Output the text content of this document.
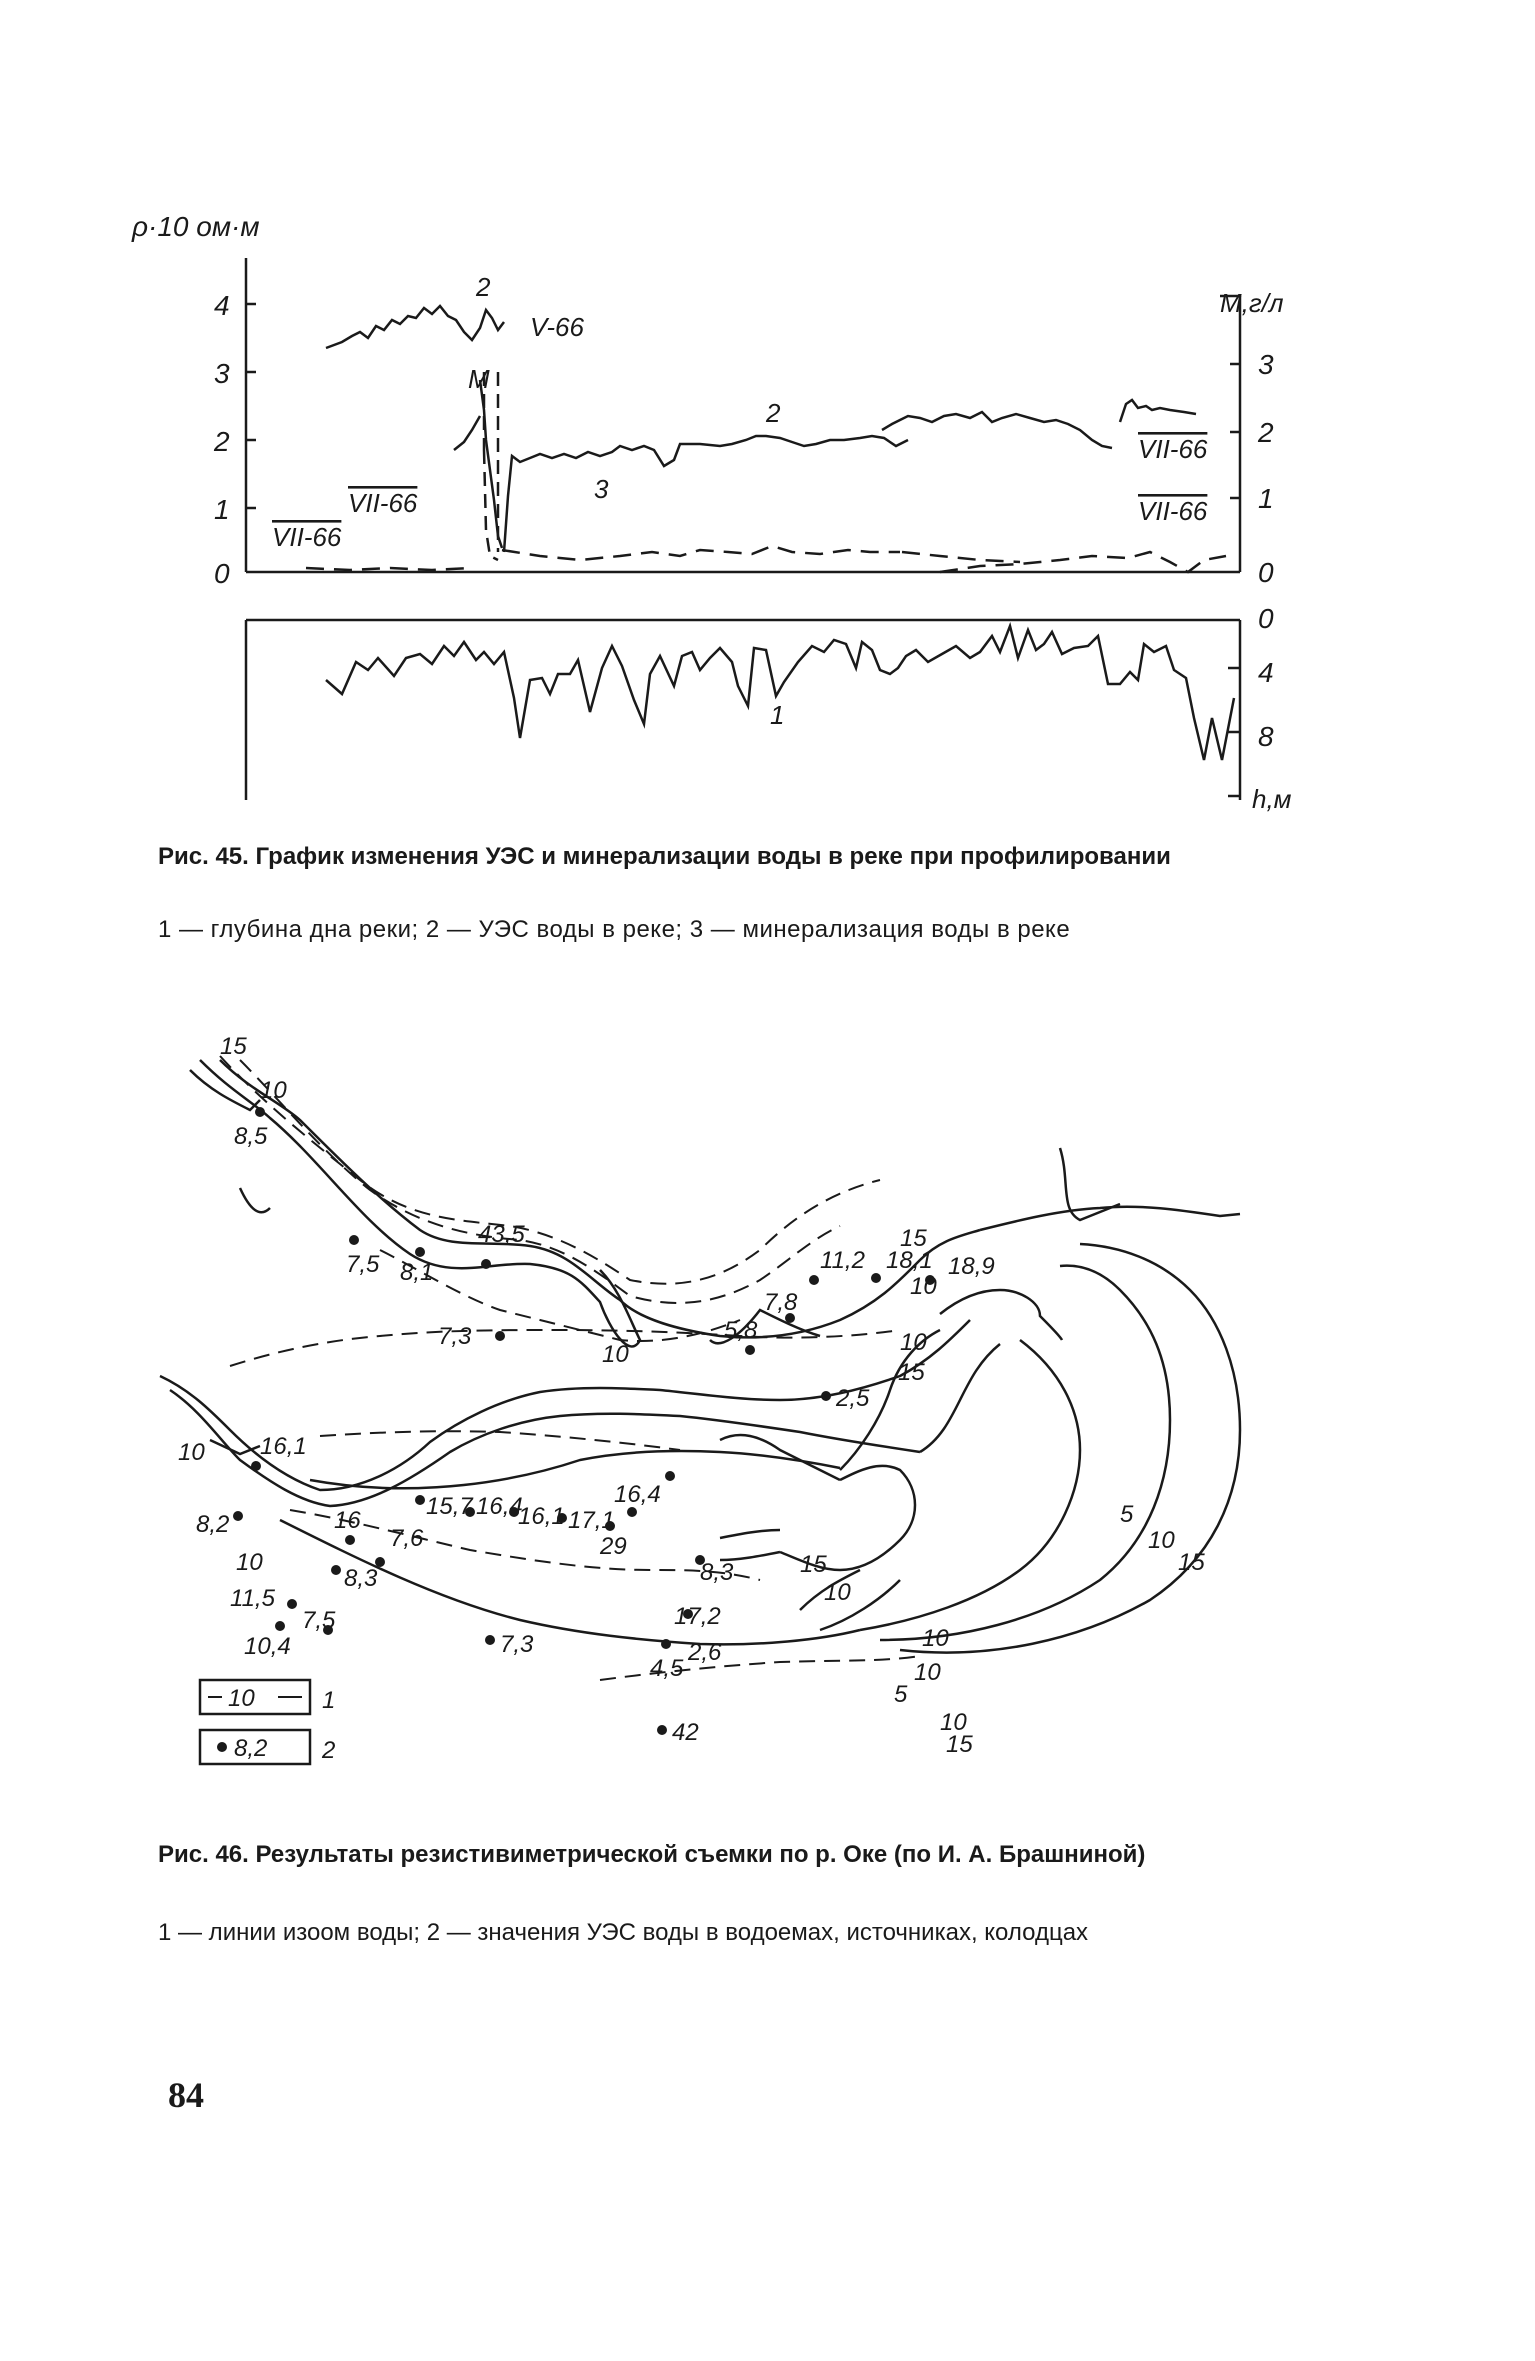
ρ·10 ом·м
М,г/л
h,м
4
3
2
1
0
3
2
1
0
0
4
8
2
V-66
M
VII-66
VII-66
2
3
VII-66
VII-66
1
Рис. 45. График изменения УЭС и минерализации воды в реке при профилировании
1 — глубина дна реки; 2 — УЭС воды в реке; 3 — минерализация воды в реке
8,5
7,5 8,1
43,5
7,3
11,2 18,1 18,9
7,8
5,8
2,5
16,1
8,2	16
7,6
8,3
7,5
10,4
11,5
15,7 16,4
16,1 17,1
29
16,4
8,3
17,2
2,6
4,5
7,3
42
15
10
15
10
10	10
15
10
15
10
10
10
5
10
15
10
5
10
15
10	1
8,2 2
Рис. 46. Результаты резистивиметрической съемки по р. Оке (по И. А. Брашниной)
1 — линии изоом воды; 2 — значения УЭС воды в водоемах, источниках, колодцах
84
